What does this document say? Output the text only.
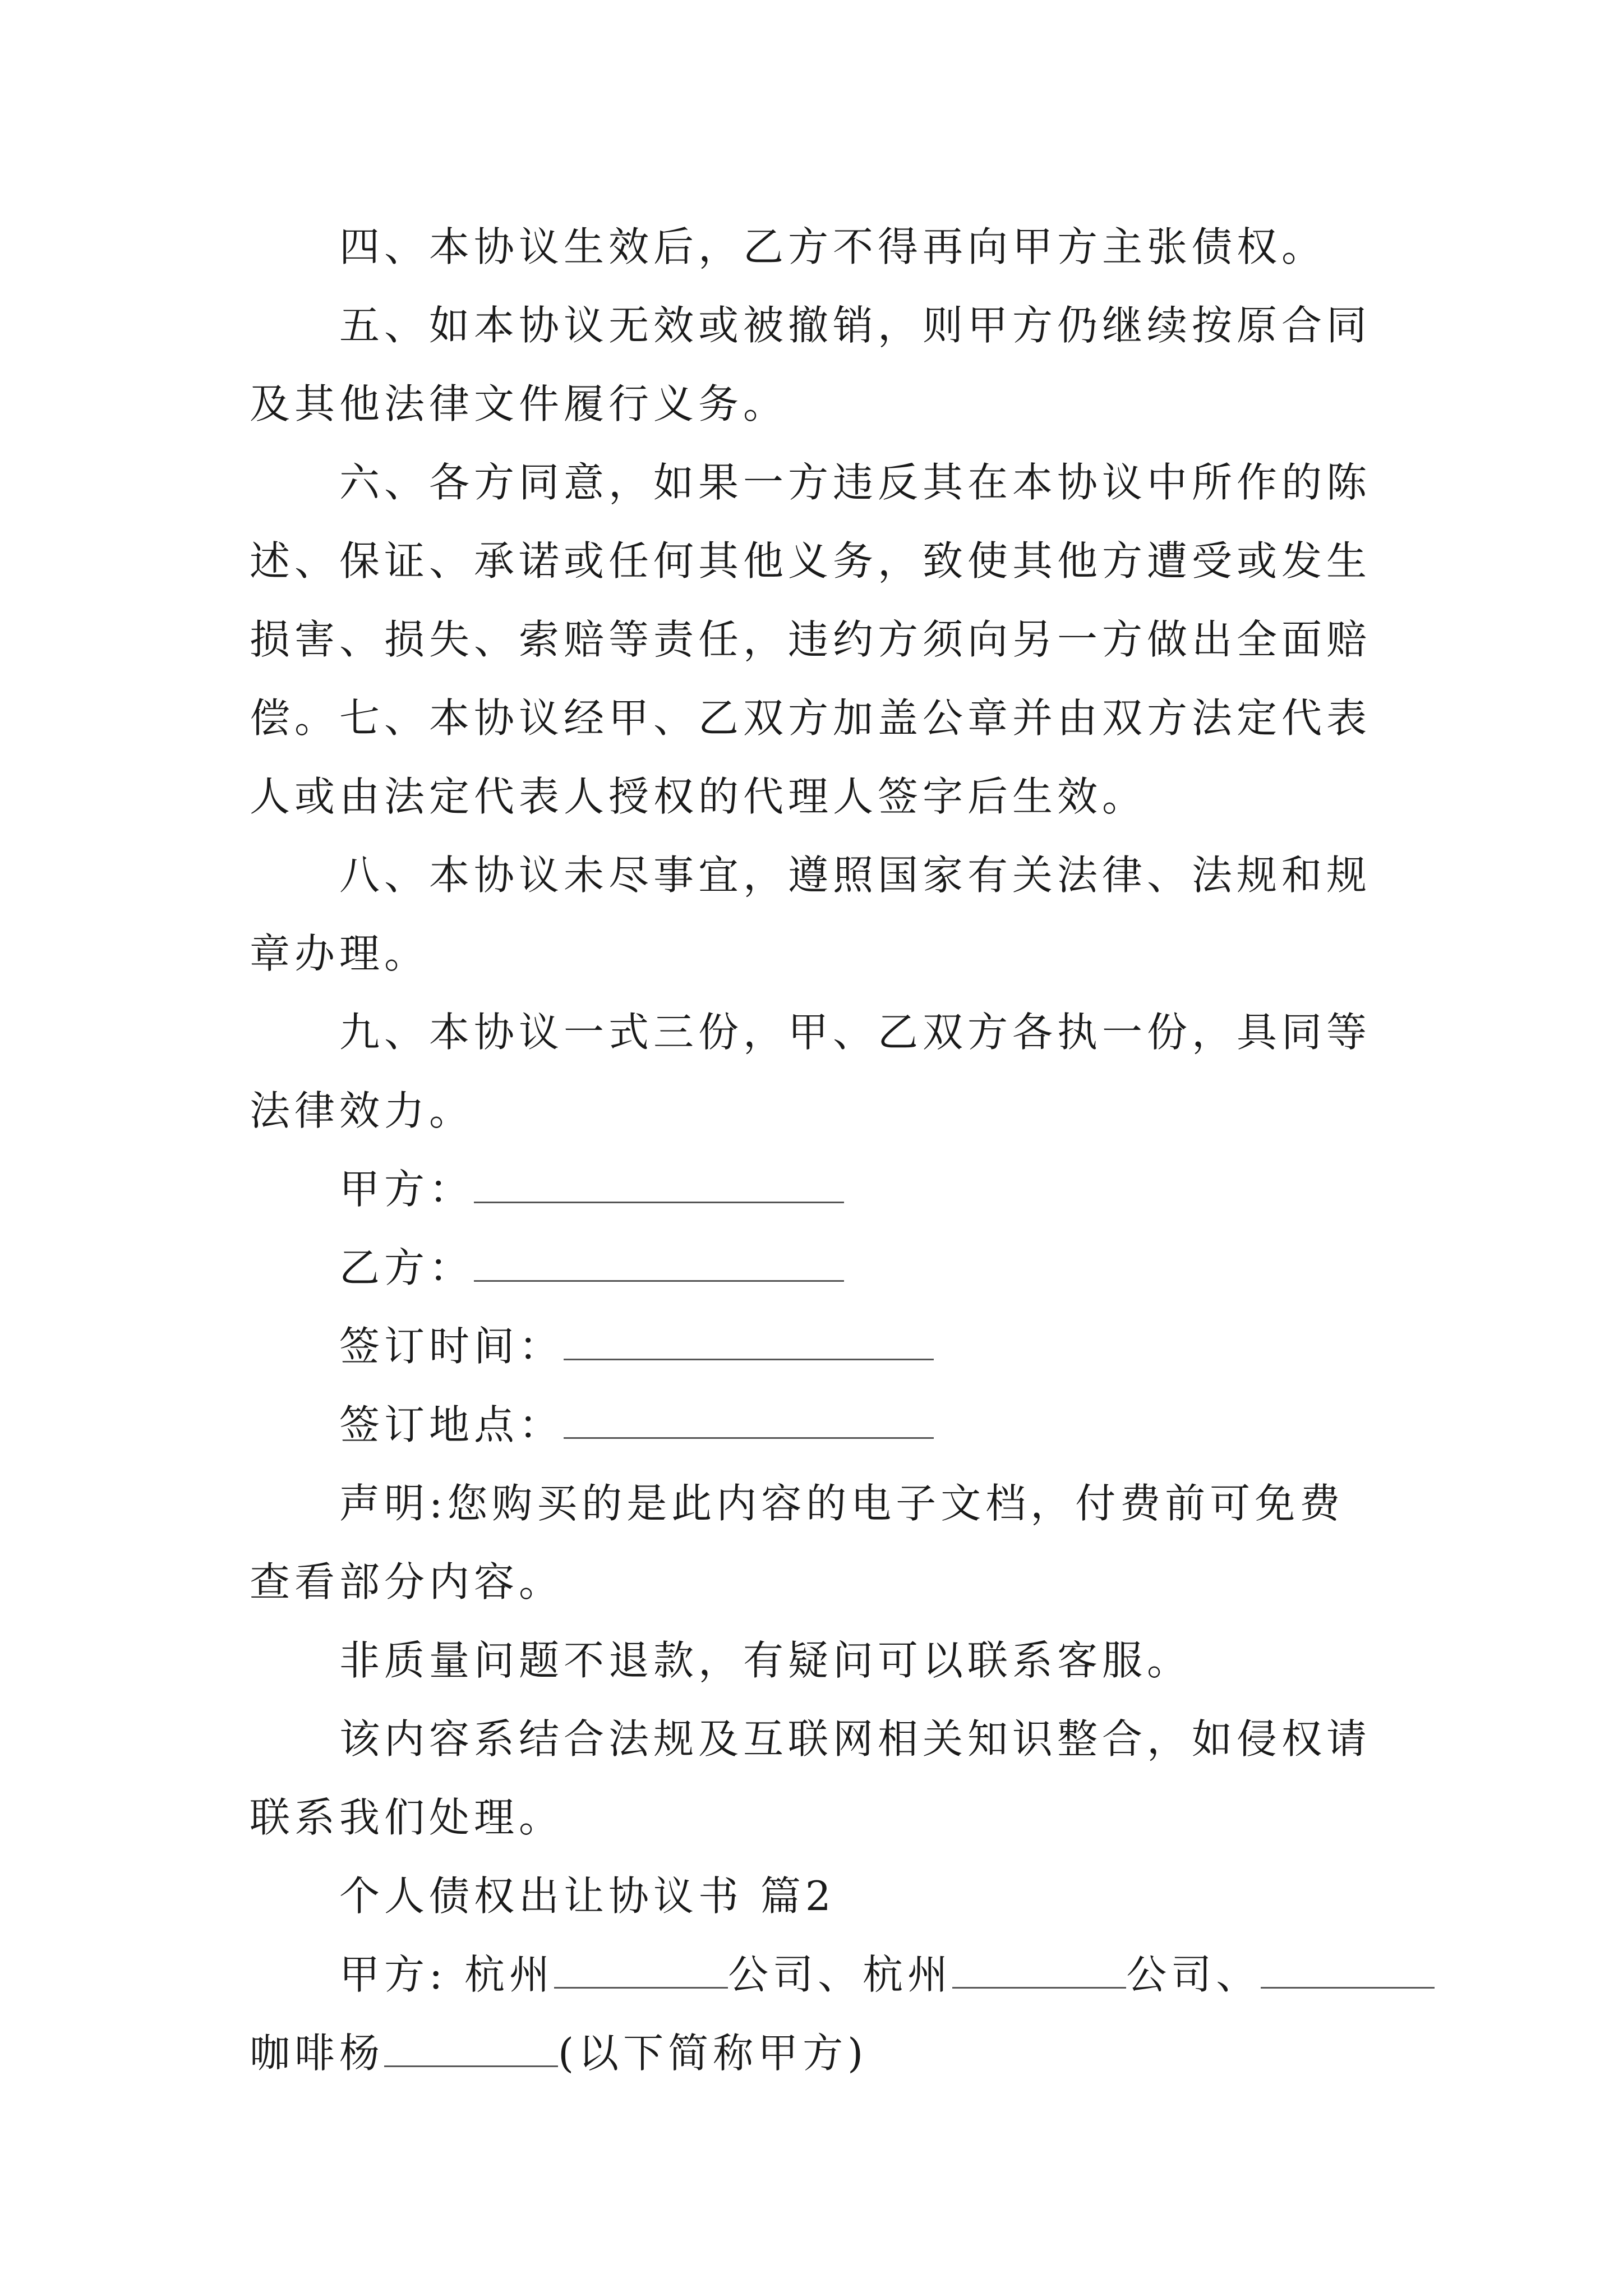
四、本协议生效后，乙方不得再向甲方主张债权。

五、如本协议无效或被撤销，则甲方仍继续按原合同及其他法律文件履行义务。

六、各方同意，如果一方违反其在本协议中所作的陈述、保证、承诺或任何其他义务，致使其他方遭受或发生损害、损失、索赔等责任，违约方须向另一方做出全面赔偿。 七、本协议经甲、乙双方加盖公章并由双方法定代表人或由法定代表人授权的代理人签字后生效。

八、本协议未尽事宜，遵照国家有关法律、法规和规章办理。

九、本协议一式三份，甲、乙双方各执一份，具同等法律效力。

甲方：
乙方：
签订时间：
签订地点：

声明:您购买的是此内容的电子文档，付费前可免费查看部分内容。

非质量问题不退款，有疑问可以联系客服。

该内容系结合法规及互联网相关知识整合，如侵权请联系我们处理。

个人债权出让协议书 篇2
甲方: 杭州	公司、杭州	公司、
咖啡杨	(以下简称甲方)
